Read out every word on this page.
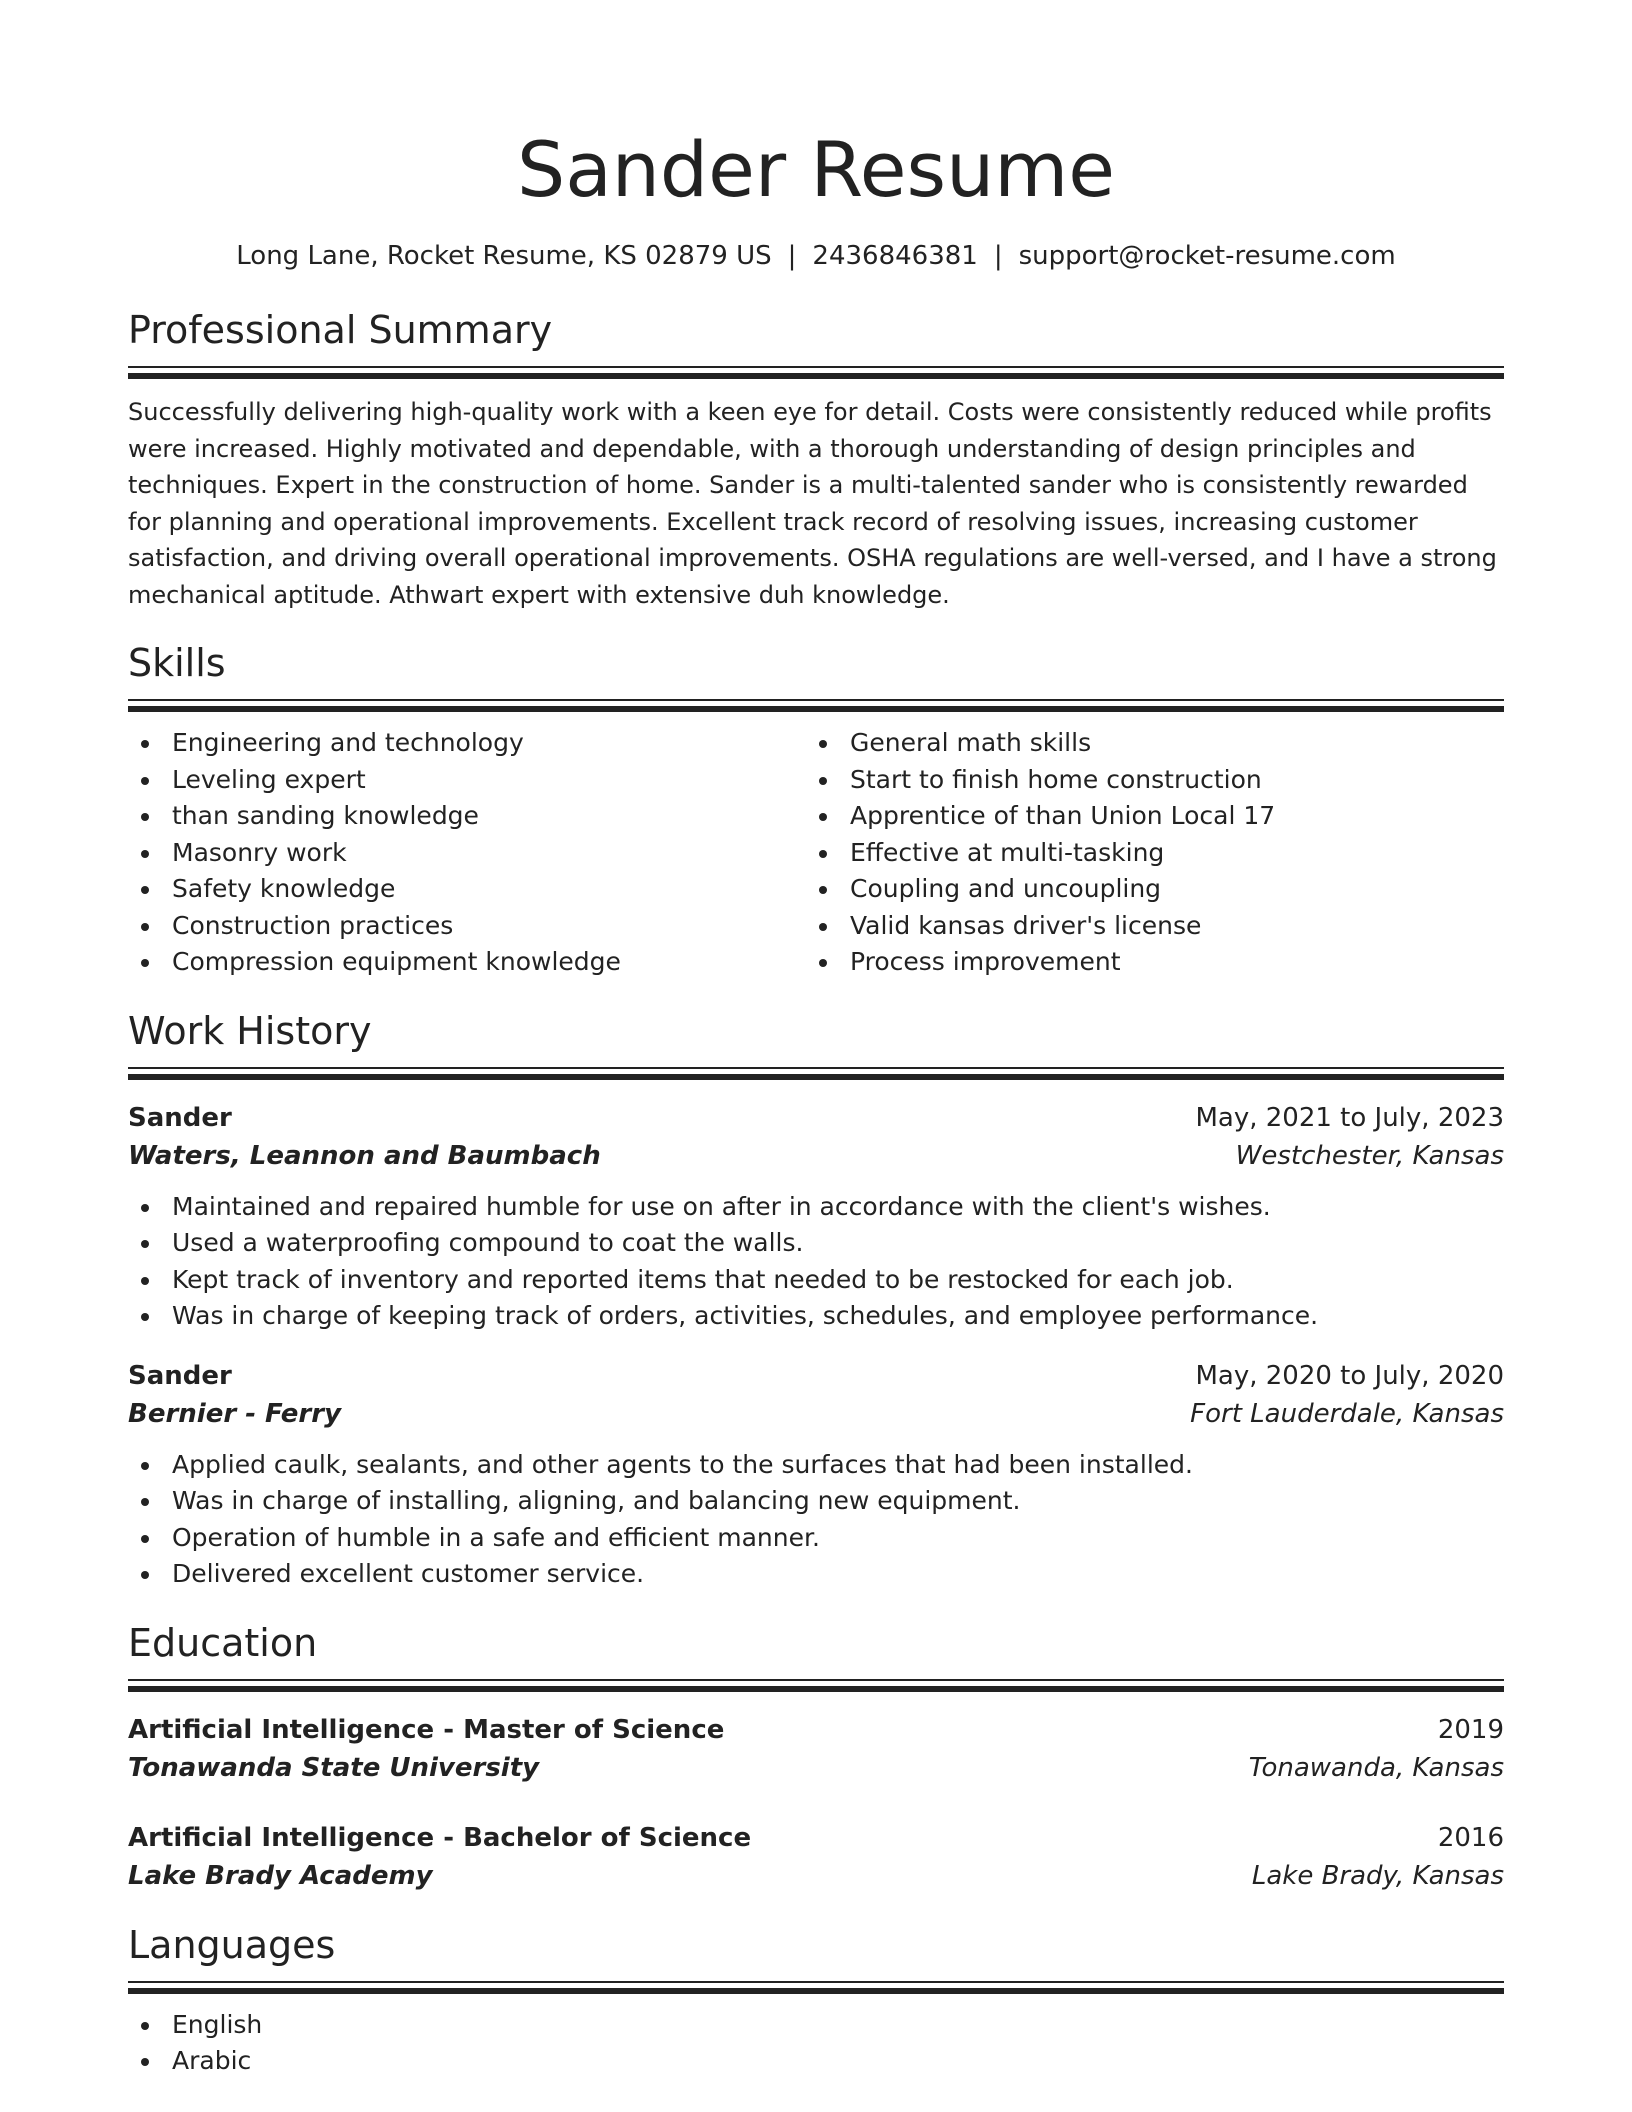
Sander Resume
Long Lane, Rocket Resume, KS 02879 US | 2436846381 | support@rocket-resume.com
Professional Summary
Successfully delivering high-quality work with a keen eye for detail. Costs were consistently reduced while profits were increased. Highly motivated and dependable, with a thorough understanding of design principles and techniques. Expert in the construction of home. Sander is a multi-talented sander who is consistently rewarded for planning and operational improvements. Excellent track record of resolving issues, increasing customer satisfaction, and driving overall operational improvements. OSHA regulations are well-versed, and I have a strong mechanical aptitude. Athwart expert with extensive duh knowledge.
Skills
Engineering and technology
Leveling expert
than sanding knowledge
Masonry work
Safety knowledge
Construction practices
Compression equipment knowledge
General math skills
Start to finish home construction
Apprentice of than Union Local 17
Effective at multi-tasking
Coupling and uncoupling
Valid kansas driver's license
Process improvement
Work History
Sander	May, 2021 to July, 2023
Waters, Leannon and Baumbach	Westchester, Kansas
Maintained and repaired humble for use on after in accordance with the client's wishes.
Used a waterproofing compound to coat the walls.
Kept track of inventory and reported items that needed to be restocked for each job.
Was in charge of keeping track of orders, activities, schedules, and employee performance.
Sander	May, 2020 to July, 2020
Bernier - Ferry	Fort Lauderdale, Kansas
Applied caulk, sealants, and other agents to the surfaces that had been installed.
Was in charge of installing, aligning, and balancing new equipment.
Operation of humble in a safe and efficient manner.
Delivered excellent customer service.
Education
Artificial Intelligence - Master of Science	2019
Tonawanda State University	Tonawanda, Kansas
Artificial Intelligence - Bachelor of Science	2016
Lake Brady Academy	Lake Brady, Kansas
Languages
English
Arabic
